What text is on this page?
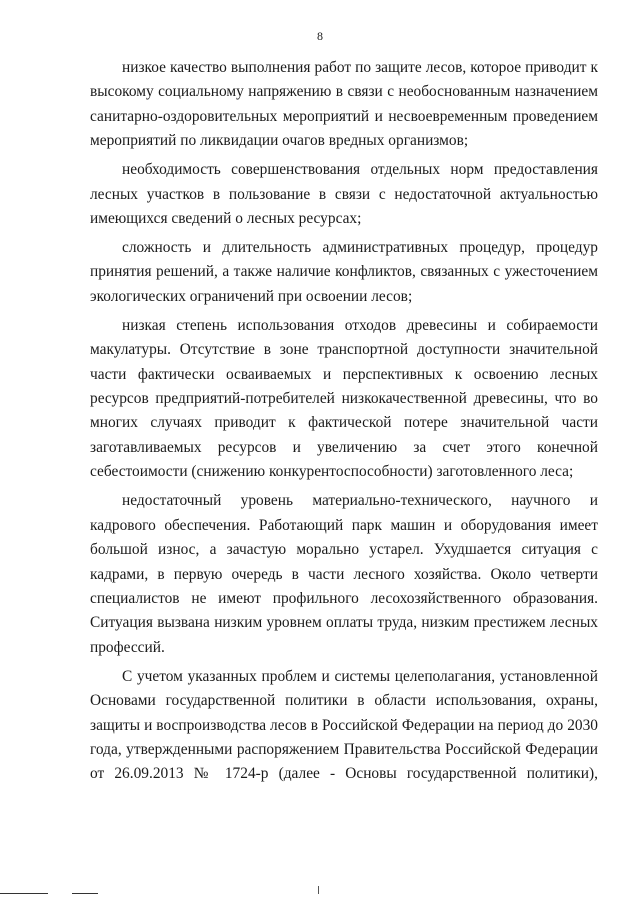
8

низкое качество выполнения работ по защите лесов, которое приводит к высокому социальному напряжению в связи с необоснованным назначением санитарно-оздоровительных мероприятий и несвоевременным проведением мероприятий по ликвидации очагов вредных организмов;

необходимость совершенствования отдельных норм предоставления лесных участков в пользование в связи с недостаточной актуальностью имеющихся сведений о лесных ресурсах;

сложность и длительность административных процедур, процедур принятия решений, а также наличие конфликтов, связанных с ужесточением экологических ограничений при освоении лесов;

низкая степень использования отходов древесины и собираемости макулатуры. Отсутствие в зоне транспортной доступности значительной части фактически осваиваемых и перспективных к освоению лесных ресурсов предприятий-потребителей низкокачественной древесины, что во многих случаях приводит к фактической потере значительной части заготавливаемых ресурсов и увеличению за счет этого конечной себестоимости (снижению конкурентоспособности) заготовленного леса;

недостаточный уровень материально-технического, научного и кадрового обеспечения. Работающий парк машин и оборудования имеет большой износ, а зачастую морально устарел. Ухудшается ситуация с кадрами, в первую очередь в части лесного хозяйства. Около четверти специалистов не имеют профильного лесохозяйственного образования. Ситуация вызвана низким уровнем оплаты труда, низким престижем лесных профессий.

С учетом указанных проблем и системы целеполагания, установленной Основами государственной политики в области использования, охраны, защиты и воспроизводства лесов в Российской Федерации на период до 2030 года, утвержденными распоряжением Правительства Российской Федерации от 26.09.2013 № 1724-р (далее - Основы государственной политики),
